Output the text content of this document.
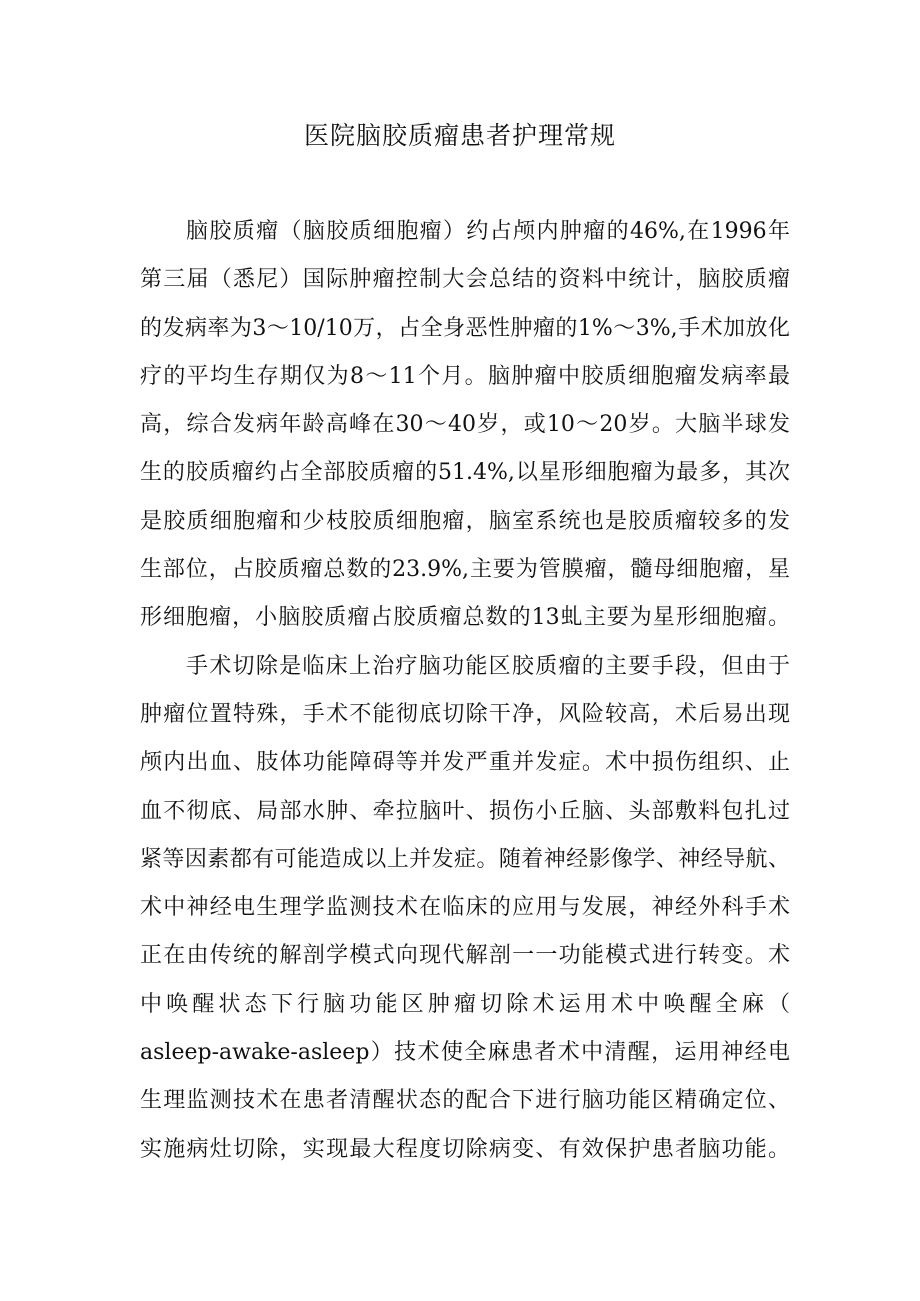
医院脑胶质瘤患者护理常规

脑胶质瘤（脑胶质细胞瘤）约占颅内肿瘤的46%,在1996年
第三届（悉尼）国际肿瘤控制大会总结的资料中统计，脑胶质瘤
的发病率为3～10/10万，占全身恶性肿瘤的1%～3%,手术加放化
疗的平均生存期仅为8～11个月。脑肿瘤中胶质细胞瘤发病率最
高，综合发病年龄高峰在30～40岁，或10～20岁。大脑半球发
生的胶质瘤约占全部胶质瘤的51.4%,以星形细胞瘤为最多，其次
是胶质细胞瘤和少枝胶质细胞瘤，脑室系统也是胶质瘤较多的发
生部位，占胶质瘤总数的23.9%,主要为管膜瘤，髓母细胞瘤，星
形细胞瘤，小脑胶质瘤占胶质瘤总数的13虬主要为星形细胞瘤。

手术切除是临床上治疗脑功能区胶质瘤的主要手段，但由于
肿瘤位置特殊，手术不能彻底切除干净，风险较高，术后易出现
颅内出血、肢体功能障碍等并发严重并发症。术中损伤组织、止
血不彻底、局部水肿、牵拉脑叶、损伤小丘脑、头部敷料包扎过
紧等因素都有可能造成以上并发症。随着神经影像学、神经导航、
术中神经电生理学监测技术在临床的应用与发展，神经外科手术
正在由传统的解剖学模式向现代解剖一一功能模式进行转变。术
中唤醒状态下行脑功能区肿瘤切除术运用术中唤醒全麻（
asleep-awake-asleep）技术使全麻患者术中清醒，运用神经电
生理监测技术在患者清醒状态的配合下进行脑功能区精确定位、
实施病灶切除，实现最大程度切除病变、有效保护患者脑功能。
